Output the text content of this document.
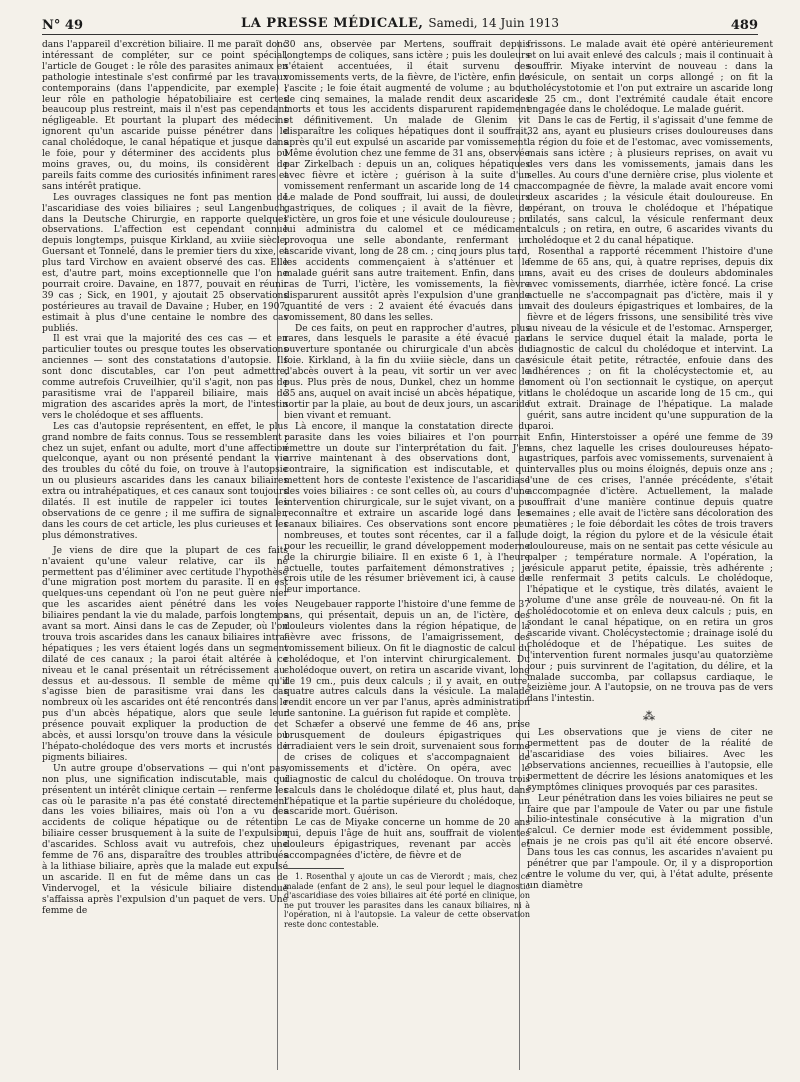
N° 49	LA PRESSE MÉDICALE, Samedi, 14 Juin 1913	489

dans l'appareil d'excrétion biliaire. Il me paraît donc intéressant de compléter, sur ce point spécial, l'article de Gouget : le rôle des parasites animaux en pathologie intestinale s'est confirmé par les travaux contemporains (dans l'appendicite, par exemple) ; leur rôle en pathologie hépatobiliaire est certes beaucoup plus restreint, mais il n'est pas cependant négligeable. Et pourtant la plupart des médecins ignorent qu'un ascaride puisse pénétrer dans le canal cholédoque, le canal hépatique et jusque dans le foie, pour y déterminer des accidents plus ou moins graves, ou, du moins, ils considèrent de pareils faits comme des curiosités infiniment rares et sans intérêt pratique.

Les ouvrages classiques ne font pas mention de l'ascaridiase des voies biliaires ; seul Langenbuch, dans la Deutsche Chirurgie, en rapporte quelques observations. L'affection est cependant connue depuis longtemps, puisque Kirkland, au xviiie siècle, Guersant et Tonnelé, dans le premier tiers du xixe, et plus tard Virchow en avaient observé des cas. Elle est, d'autre part, moins exceptionnelle que l'on ne pourrait croire. Davaine, en 1877, pouvait en réunir 39 cas ; Sick, en 1901, y ajoutait 25 observations postérieures au travail de Davaine ; Huber, en 1907, estimait à plus d'une centaine le nombre des cas publiés.

Il est vrai que la majorité des ces cas — et en particulier toutes ou presque toutes les observations anciennes — sont des constatations d'autopsie. Ils sont donc discutables, car l'on peut admettre, comme autrefois Cruveilhier, qu'il s'agit, non pas de parasitisme vrai de l'appareil biliaire, mais de migration des ascarides après la mort, de l'intestin vers le cholédoque et ses affluents.

Les cas d'autopsie représentent, en effet, le plus grand nombre de faits connus. Tous se ressemblent : chez un sujet, enfant ou adulte, mort d'une affection quelconque, ayant ou non présenté pendant la vie des troubles du côté du foie, on trouve à l'autopsie un ou plusieurs ascarides dans les canaux biliaires extra ou intrahépatiques, et ces canaux sont toujours dilatés. Il est inutile de rappeler ici toutes les observations de ce genre ; il me suffira de signaler, dans les cours de cet article, les plus curieuses et les plus démonstratives.

Je viens de dire que la plupart de ces faits n'avaient qu'une valeur relative, car ils ne permettent pas d'éliminer avec certitude l'hypothèse d'une migration post mortem du parasite. Il en est quelques-uns cependant où l'on ne peut guère nier que les ascarides aient pénétré dans les voies biliaires pendant la vie du malade, parfois longtemps avant sa mort. Ainsi dans le cas de Zepuder, où l'on trouva trois ascarides dans les canaux biliaires intra-hépatiques ; les vers étaient logés dans un segment dilaté de ces canaux ; la paroi était altérée à ce niveau et le canal présentait un rétrécissement au-dessus et au-dessous. Il semble de même qu'il s'agisse bien de parasitisme vrai dans les cas nombreux où les ascarides ont été rencontrés dans le pus d'un abcès hépatique, alors que seule leur présence pouvait expliquer la production de cet abcès, et aussi lorsqu'on trouve dans la vésicule ou l'hépato-cholédoque des vers morts et incrustés de pigments biliaires.

Un autre groupe d'observations — qui n'ont pas, non plus, une signification indiscutable, mais qui présentent un intérêt clinique certain — renferme les cas où le parasite n'a pas été constaté directement dans les voies biliaires, mais où l'on a vu des accidents de colique hépatique ou de rétention biliaire cesser brusquement à la suite de l'expulsion d'ascarides. Schloss avait vu autrefois, chez une femme de 76 ans, disparaître des troubles attribués à la lithiase biliaire, après que la malade eut expulsé un ascaride. Il en fut de même dans un cas de Vindervogel, et la vésicule biliaire distendue s'affaissa après l'expulsion d'un paquet de vers. Une femme de

30 ans, observée par Mertens, souffrait depuis longtemps de coliques, sans ictère ; puis les douleurs s'étaient accentuées, il était survenu des vomissements verts, de la fièvre, de l'ictère, enfin de l'ascite ; le foie était augmenté de volume ; au bout de cinq semaines, la malade rendit deux ascarides morts et tous les accidents disparurent rapidement et définitivement. Un malade de Glenim vit disparaître les coliques hépatiques dont il souffrait, après qu'il eut expulsé un ascaride par vomissement. Même évolution chez une femme de 31 ans, observée par Zirkelbach : depuis un an, coliques hépatiques avec fièvre et ictère ; guérison à la suite d'un vomissement renfermant un ascaride long de 14 cm. Le malade de Pond souffrait, lui aussi, de douleurs gastriques, de coliques ; il avait de la fièvre, de l'ictère, un gros foie et une vésicule douloureuse ; on lui administra du calomel et ce médicament provoqua une selle abondante, renfermant un ascaride vivant, long de 28 cm. ; cinq jours plus tard, les accidents commençaient à s'atténuer et le malade guérit sans autre traitement. Enfin, dans un cas de Turri, l'ictère, les vomissements, la fièvre disparurent aussitôt après l'expulsion d'une grande quantité de vers : 2 avaient été évacués dans un vomissement, 80 dans les selles.

De ces faits, on peut en rapprocher d'autres, plus rares, dans lesquels le parasite a été évacué par ouverture spontanée ou chirurgicale d'un abcès du foie. Kirkland, à la fin du xviiie siècle, dans un cas d'abcès ouvert à la peau, vit sortir un ver avec le pus. Plus près de nous, Dunkel, chez un homme de 35 ans, auquel on avait incisé un abcès hépatique, vit sortir par la plaie, au bout de deux jours, un ascaride bien vivant et remuant.

Là encore, il manque la constatation directe du parasite dans les voies biliaires et l'on pourrait émettre un doute sur l'interprétation du fait. J'en arrive maintenant à des observations dont, au contraire, la signification est indiscutable, et qui mettent hors de conteste l'existence de l'ascaridiase des voies biliaires : ce sont celles où, au cours d'une intervention chirurgicale, sur le sujet vivant, on a pu reconnaître et extraire un ascaride logé dans les canaux biliaires. Ces observations sont encore peu nombreuses, et toutes sont récentes, car il a fallu, pour les recueillir, le grand développement moderne de la chirurgie biliaire. Il en existe 6 1, à l'heure actuelle, toutes parfaitement démonstratives ; je crois utile de les résumer brièvement ici, à cause de leur importance.

Neugebauer rapporte l'histoire d'une femme de 37 ans, qui présentait, depuis un an, de l'ictère, des douleurs violentes dans la région hépatique, de la fièvre avec frissons, de l'amaigrissement, des vomissement bilieux. On fit le diagnostic de calcul du cholédoque, et l'on intervint chirurgicalement. Du cholédoque ouvert, on retira un ascaride vivant, long de 19 cm., puis deux calculs ; il y avait, en outre, quatre autres calculs dans la vésicule. La malade rendit encore un ver par l'anus, après administration de santonine. La guérison fut rapide et complète.

Schæfer a observé une femme de 46 ans, prise brusquement de douleurs épigastriques qui irradiaient vers le sein droit, survenaient sous forme de crises de coliques et s'accompagnaient de vomissements et d'ictère. On opéra, avec le diagnostic de calcul du cholédoque. On trouva trois calculs dans le cholédoque dilaté et, plus haut, dans l'hépatique et la partie supérieure du cholédoque, un ascaride mort. Guérison.

Le cas de Miyake concerne un homme de 20 ans qui, depuis l'âge de huit ans, souffrait de violentes douleurs épigastriques, revenant par accès et accompagnées d'ictère, de fièvre et de

1. Rosenthal y ajoute un cas de Vierordt ; mais, chez ce malade (enfant de 2 ans), le seul pour lequel le diagnostic d'ascaridiase des voies biliaires ait été porté en clinique, on ne put trouver les parasites dans les canaux biliaires, ni à l'opération, ni à l'autopsie. La valeur de cette observation reste donc contestable.

frissons. Le malade avait été opéré antérieurement et on lui avait enlevé des calculs ; mais il continuait à souffrir. Miyake intervint de nouveau : dans la vésicule, on sentait un corps allongé ; on fit la cholécystotomie et l'on put extraire un ascaride long de 25 cm., dont l'extrémité caudale était encore engagée dans le cholédoque. Le malade guérit.

Dans le cas de Fertig, il s'agissait d'une femme de 32 ans, ayant eu plusieurs crises douloureuses dans la région du foie et de l'estomac, avec vomissements, mais sans ictère ; à plusieurs reprises, on avait vu des vers dans les vomissements, jamais dans les selles. Au cours d'une dernière crise, plus violente et accompagnée de fièvre, la malade avait encore vomi deux ascarides ; la vésicule était douloureuse. En opérant, on trouva le cholédoque et l'hépatique dilatés, sans calcul, la vésicule renfermant deux calculs ; on retira, en outre, 6 ascarides vivants du cholédoque et 2 du canal hépatique.

Rosenthal a rapporté récemment l'histoire d'une femme de 65 ans, qui, à quatre reprises, depuis dix ans, avait eu des crises de douleurs abdominales avec vomissements, diarrhée, ictère foncé. La crise actuelle ne s'accompagnait pas d'ictère, mais il y avait des douleurs épigastriques et lombaires, de la fièvre et de légers frissons, une sensibilité très vive au niveau de la vésicule et de l'estomac. Arnsperger, dans le service duquel était la malade, porta le diagnostic de calcul du cholédoque et intervint. La vésicule était petite, rétractée, enfouie dans des adhérences ; on fit la cholécystectomie et, au moment où l'on sectionnait le cystique, on aperçut dans le cholédoque un ascaride long de 15 cm., qui fut extrait. Drainage de l'hépatique. La malade guérit, sans autre incident qu'une suppuration de la paroi.

Enfin, Hinterstoisser a opéré une femme de 39 ans, chez laquelle les crises douloureuses hépato-gastriques, parfois avec vomissements, survenaient à intervalles plus ou moins éloignés, depuis onze ans ; l'une de ces crises, l'année précédente, s'était accompagnée d'ictère. Actuellement, la malade souffrait d'une manière continue depuis quatre semaines ; elle avait de l'ictère sans décoloration des matières ; le foie débordait les côtes de trois travers de doigt, la région du pylore et de la vésicule était douloureuse, mais on ne sentait pas cette vésicule au palper ; température normale. A l'opération, la vésicule apparut petite, épaissie, très adhérente ; elle renfermait 3 petits calculs. Le cholédoque, l'hépatique et le cystique, très dilatés, avaient le volume d'une anse grêle de nouveau-né. On fit la cholédocotomie et on enleva deux calculs ; puis, en sondant le canal hépatique, on en retira un gros ascaride vivant. Cholécystectomie ; drainage isolé du cholédoque et de l'hépatique. Les suites de l'intervention furent normales jusqu'au quatorzième jour ; puis survinrent de l'agitation, du délire, et la malade succomba, par collapsus cardiaque, le seizième jour. A l'autopsie, on ne trouva pas de vers dans l'intestin.

⁂

Les observations que je viens de citer ne permettent pas de douter de la réalité de l'ascaridiase des voies biliaires. Avec les observations anciennes, recueillies à l'autopsie, elle permettent de décrire les lésions anatomiques et les symptômes cliniques provoqués par ces parasites.

Leur pénétration dans les voies biliaires ne peut se faire que par l'ampoule de Vater ou par une fistule bilio-intestinale consécutive à la migration d'un calcul. Ce dernier mode est évidemment possible, mais je ne crois pas qu'il ait été encore observé. Dans tous les cas connus, les ascarides n'avaient pu pénétrer que par l'ampoule. Or, il y a disproportion entre le volume du ver, qui, à l'état adulte, présente un diamètre
